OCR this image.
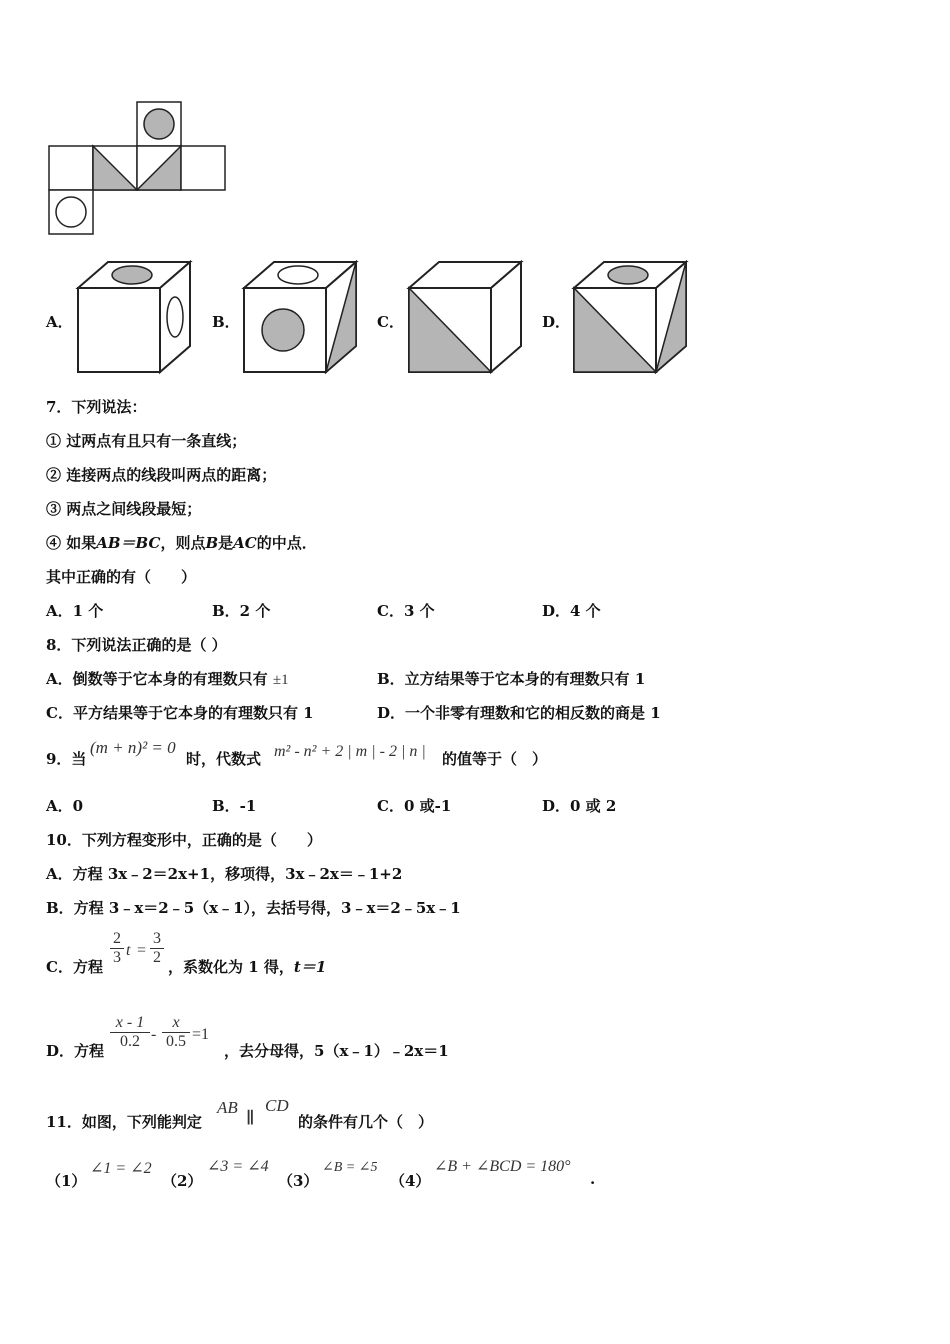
A．	B．	C．	D．
7．下列说法：
① 过两点有且只有一条直线；
② 连接两点的线段叫两点的距离；
③ 两点之间线段最短；
④ 如果AB＝BC，则点B是AC的中点．
其中正确的有（　　）
A．1 个	B．2 个	C．3 个	D．4 个
8．下列说法正确的是（ ）
A．倒数等于它本身的有理数只有 ±1	B．立方结果等于它本身的有理数只有 1
C．平方结果等于它本身的有理数只有 1	D．一个非零有理数和它的相反数的商是 1
9．当
(m + n)² = 0
时，代数式 m² - n² + 2 | m | - 2 | n | 的值等于（　）
A．0	B．-1	C．0 或-1	D．0 或 2
10．下列方程变形中，正确的是（　　）
A．方程 3x﹣2＝2x+1，移项得，3x﹣2x＝﹣1+2
B．方程 3﹣x＝2﹣5（x﹣1），去括号得，3﹣x＝2﹣5x﹣1
C．方程 $\frac{2}{3}$ $t = \frac{3}{2}$ ，系数化为 1 得，t＝1
D．方程 $\frac{x - 1}{0.2} - \frac{x}{0.5} =1$
，去分母得，5（x﹣1）﹣2x＝1
11．如图，下列能判定
AB
∥
CD
的条件有几个（　）
（1）
∠1 = ∠2
（2）
∠3 = ∠4
（3）
∠B = ∠5
（4）
∠B + ∠BCD = 180°
.
